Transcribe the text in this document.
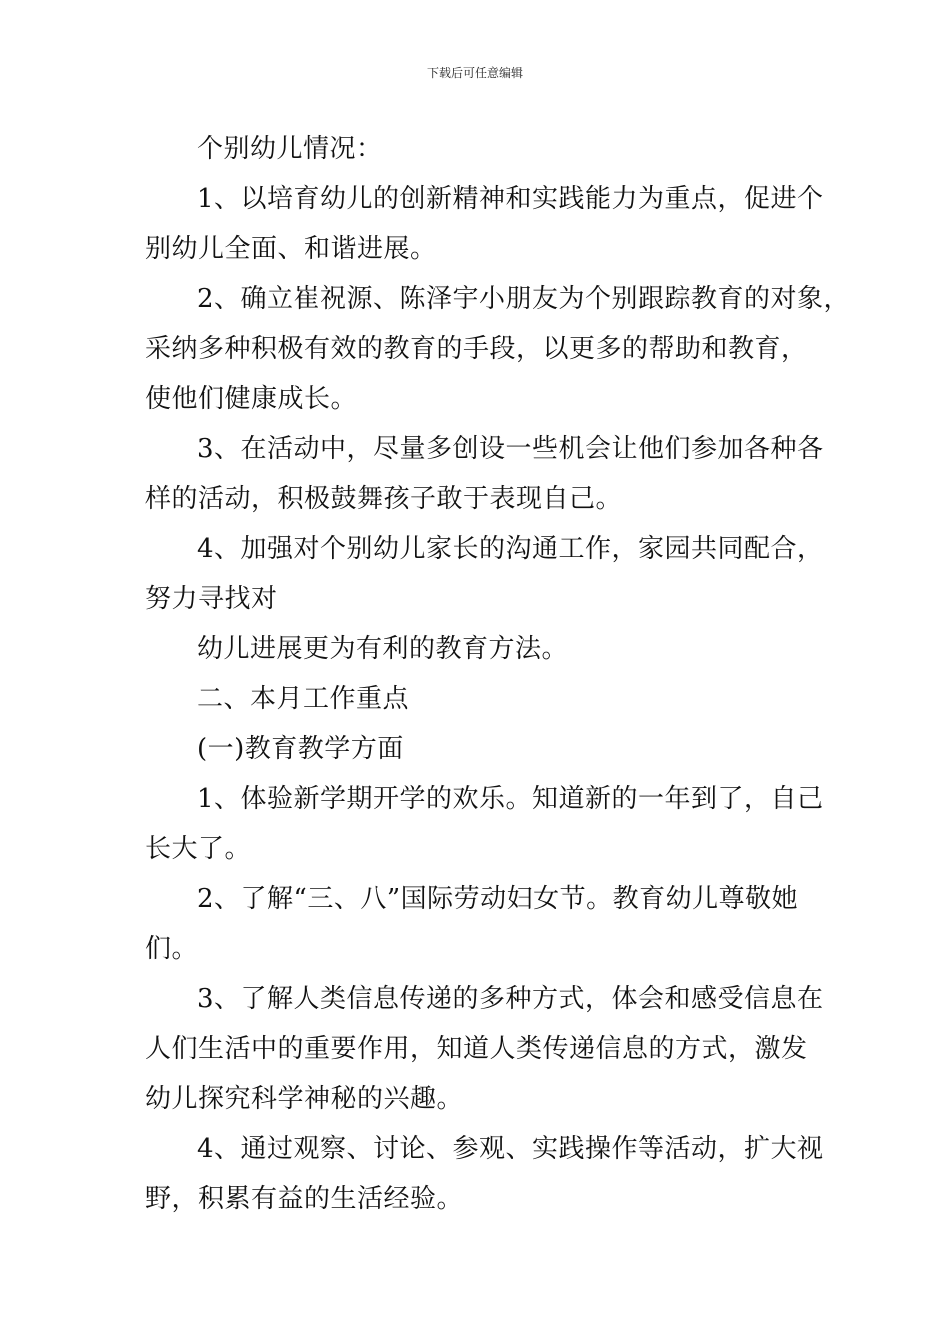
下载后可任意编辑

个别幼儿情况：

1、以培育幼儿的创新精神和实践能力为重点，促进个
别幼儿全面、和谐进展。

2、确立崔祝源、陈泽宇小朋友为个别跟踪教育的对象，
采纳多种积极有效的教育的手段，以更多的帮助和教育，
使他们健康成长。

3、在活动中，尽量多创设一些机会让他们参加各种各
样的活动，积极鼓舞孩子敢于表现自己。

4、加强对个别幼儿家长的沟通工作，家园共同配合，
努力寻找对

幼儿进展更为有利的教育方法。

二、本月工作重点

(一)教育教学方面

1、体验新学期开学的欢乐。知道新的一年到了，自己
长大了。

2、了解“三、八”国际劳动妇女节。教育幼儿尊敬她
们。

3、了解人类信息传递的多种方式，体会和感受信息在
人们生活中的重要作用，知道人类传递信息的方式，激发
幼儿探究科学神秘的兴趣。

4、通过观察、讨论、参观、实践操作等活动，扩大视
野，积累有益的生活经验。
